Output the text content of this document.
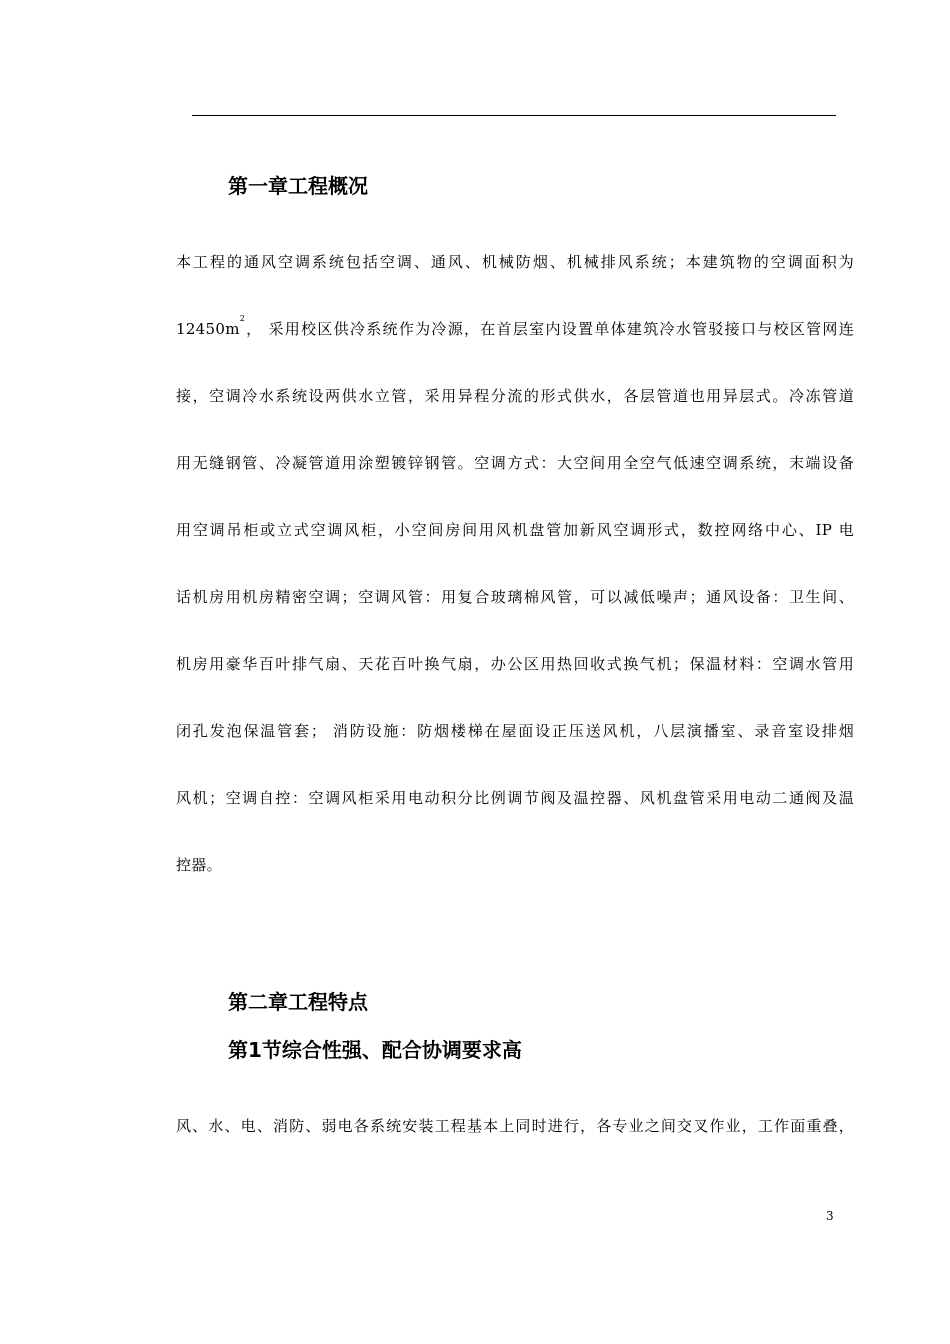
第一章工程概况
本工程的通风空调系统包括空调、通风、机械防烟、机械排风系统；本建筑物的空调面积为
$12450m^2$， 采用校区供冷系统作为冷源，在首层室内设置单体建筑冷水管驳接口与校区管网连
接，空调冷水系统设两供水立管，采用异程分流的形式供水，各层管道也用异层式。冷冻管道
用无缝钢管、冷凝管道用涂塑镀锌钢管。空调方式：大空间用全空气低速空调系统，末端设备
用空调吊柜或立式空调风柜，小空间房间用风机盘管加新风空调形式，数控网络中心、IP 电
话机房用机房精密空调；空调风管：用复合玻璃棉风管，可以减低噪声；通风设备：卫生间、
机房用豪华百叶排气扇、天花百叶换气扇，办公区用热回收式换气机；保温材料：空调水管用
闭孔发泡保温管套； 消防设施：防烟楼梯在屋面设正压送风机，八层演播室、录音室设排烟
风机；空调自控：空调风柜采用电动积分比例调节阀及温控器、风机盘管采用电动二通阀及温
控器。
第二章工程特点
第1节综合性强、配合协调要求高
风、水、电、消防、弱电各系统安装工程基本上同时进行，各专业之间交叉作业，工作面重叠，
3
